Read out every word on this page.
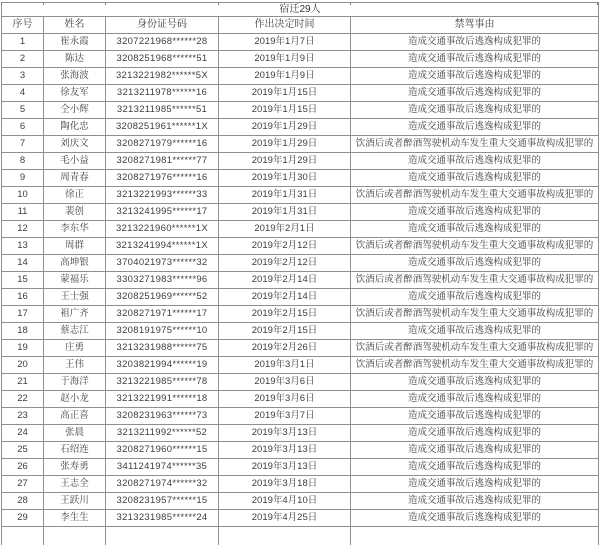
宿迁29人				
序号	姓名	身份证号码	作出决定时间	禁驾事由
1	崔永霞	3207221968******28	2019年1月7日	造成交通事故后逃逸构成犯罪的
2	陈达	3208251968******51	2019年1月9日	造成交通事故后逃逸构成犯罪的
3	张海波	3213221982******5X	2019年1月9日	造成交通事故后逃逸构成犯罪的
4	徐友军	3213211978******16	2019年1月15日	造成交通事故后逃逸构成犯罪的
5	仝小辉	3213211985******51	2019年1月15日	造成交通事故后逃逸构成犯罪的
6	陶化忠	3208251961******1X	2019年1月29日	造成交通事故后逃逸构成犯罪的
7	刘庆文	3208271979******16	2019年1月29日	饮酒后或者醉酒驾驶机动车发生重大交通事故构成犯罪的
8	毛小益	3208271981******77	2019年1月29日	造成交通事故后逃逸构成犯罪的
9	周青春	3208271976******16	2019年1月30日	造成交通事故后逃逸构成犯罪的
10	徐正	3213221993******33	2019年1月31日	饮酒后或者醉酒驾驶机动车发生重大交通事故构成犯罪的
11	裴创	3213241995******17	2019年1月31日	造成交通事故后逃逸构成犯罪的
12	李东华	3213221960******1X	2019年2月1日	造成交通事故后逃逸构成犯罪的
13	周群	3213241994******1X	2019年2月12日	饮酒后或者醉酒驾驶机动车发生重大交通事故构成犯罪的
14	高坤银	3704021973******32	2019年2月12日	造成交通事故后逃逸构成犯罪的
15	蒙福乐	3303271983******96	2019年2月14日	饮酒后或者醉酒驾驶机动车发生重大交通事故构成犯罪的
16	王士强	3208251969******52	2019年2月14日	造成交通事故后逃逸构成犯罪的
17	祖广齐	3208271971******17	2019年2月15日	饮酒后或者醉酒驾驶机动车发生重大交通事故构成犯罪的
18	蔡志江	3208191975******10	2019年2月15日	造成交通事故后逃逸构成犯罪的
19	庄勇	3213231988******75	2019年2月26日	饮酒后或者醉酒驾驶机动车发生重大交通事故构成犯罪的
20	王伟	3203821994******19	2019年3月1日	饮酒后或者醉酒驾驶机动车发生重大交通事故构成犯罪的
21	于海洋	3213221985******78	2019年3月6日	造成交通事故后逃逸构成犯罪的
22	赵小龙	3213221991******18	2019年3月6日	造成交通事故后逃逸构成犯罪的
23	高正喜	3208231963******73	2019年3月7日	造成交通事故后逃逸构成犯罪的
24	张晨	3213211992******52	2019年3月13日	造成交通事故后逃逸构成犯罪的
25	石绍连	3208271960******15	2019年3月13日	造成交通事故后逃逸构成犯罪的
26	张寿勇	3411241974******35	2019年3月13日	造成交通事故后逃逸构成犯罪的
27	王志全	3208271974******32	2019年3月18日	造成交通事故后逃逸构成犯罪的
28	王跃川	3208231957******15	2019年4月10日	造成交通事故后逃逸构成犯罪的
29	李生生	3213231985******24	2019年4月25日	造成交通事故后逃逸构成犯罪的
